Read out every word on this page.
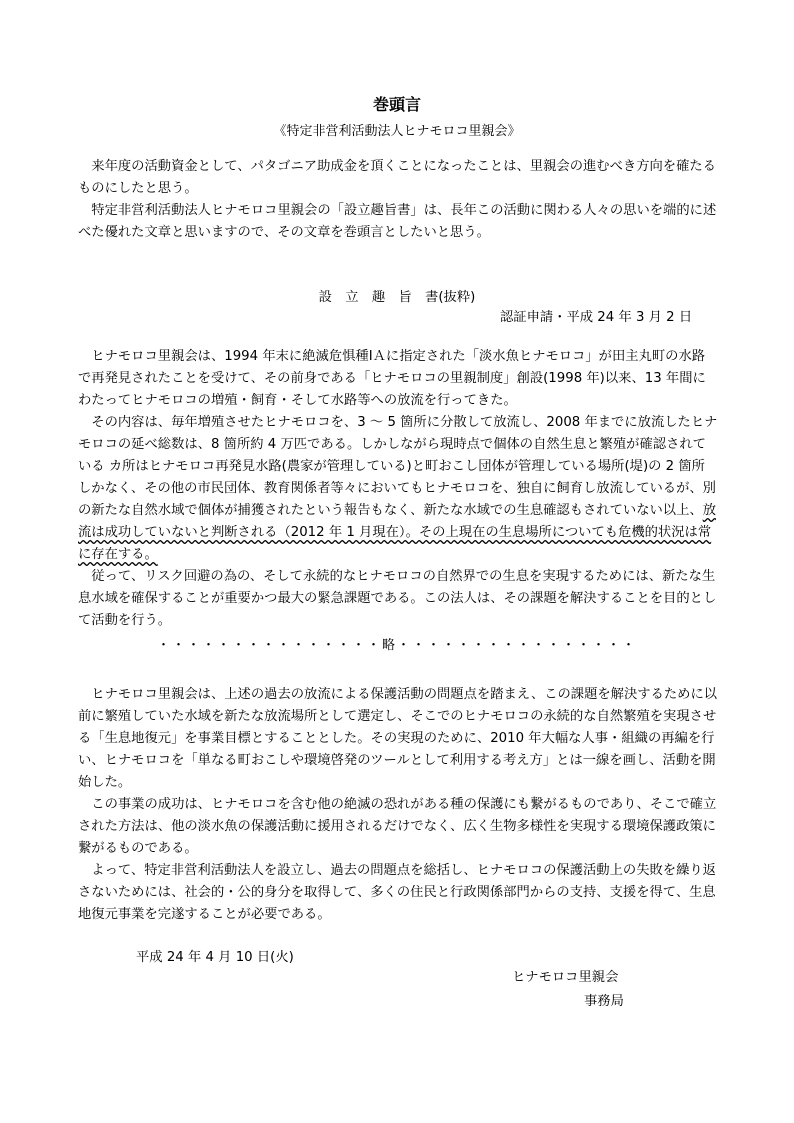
巻頭言
《特定非営利活動法人ヒナモロコ里親会》

来年度の活動資金として、パタゴニア助成金を頂くことになったことは、里親会の進むべき方向を確たるものにしたと思う。

特定非営利活動法人ヒナモロコ里親会の「設立趣旨書」は、長年この活動に関わる人々の思いを端的に述べた優れた文章と思いますので、その文章を巻頭言としたいと思う。

設　立　趣　旨　書(抜粋)
認証申請・平成 24 年 3 月 2 日

ヒナモロコ里親会は、1994 年末に絶滅危惧種ⅠＡに指定された「淡水魚ヒナモロコ」が田主丸町の水路で再発見されたことを受けて、その前身である「ヒナモロコの里親制度」創設(1998 年)以来、13 年間にわたってヒナモロコの増殖・飼育・そして水路等への放流を行ってきた。

その内容は、毎年増殖させたヒナモロコを、3 ～ 5 箇所に分散して放流し、2008 年までに放流したヒナモロコの延べ総数は、8 箇所約 4 万匹である。しかしながら現時点で個体の自然生息と繁殖が確認されている カ所はヒナモロコ再発見水路(農家が管理している)と町おこし団体が管理している場所(堤)の 2 箇所しかなく、その他の市民団体、教育関係者等々においてもヒナモロコを、独自に飼育し放流しているが、別の新たな自然水域で個体が捕獲されたという報告もなく、新たな水域での生息確認もされていない以上、放流は成功していないと判断される（2012 年 1 月現在）。その上現在の生息場所についても危機的状況は常に存在する。

従って、リスク回避の為の、そして永続的なヒナモロコの自然界での生息を実現するためには、新たな生息水域を確保することが重要かつ最大の緊急課題である。この法人は、その課題を解決することを目的として活動を行う。

・・・・・・・・・・・・・・・略・・・・・・・・・・・・・・・・

ヒナモロコ里親会は、上述の過去の放流による保護活動の問題点を踏まえ、この課題を解決するために以前に繁殖していた水域を新たな放流場所として選定し、そこでのヒナモロコの永続的な自然繁殖を実現させる「生息地復元」を事業目標とすることとした。その実現のために、2010 年大幅な人事・組織の再編を行い、ヒナモロコを「単なる町おこしや環境啓発のツールとして利用する考え方」とは一線を画し、活動を開始した。

この事業の成功は、ヒナモロコを含む他の絶滅の恐れがある種の保護にも繋がるものであり、そこで確立された方法は、他の淡水魚の保護活動に援用されるだけでなく、広く生物多様性を実現する環境保護政策に繋がるものである。

よって、特定非営利活動法人を設立し、過去の問題点を総括し、ヒナモロコの保護活動上の失敗を繰り返さないためには、社会的・公的身分を取得して、多くの住民と行政関係部門からの支持、支援を得て、生息地復元事業を完遂することが必要である。

平成 24 年 4 月 10 日(火)
ヒナモロコ里親会
事務局
